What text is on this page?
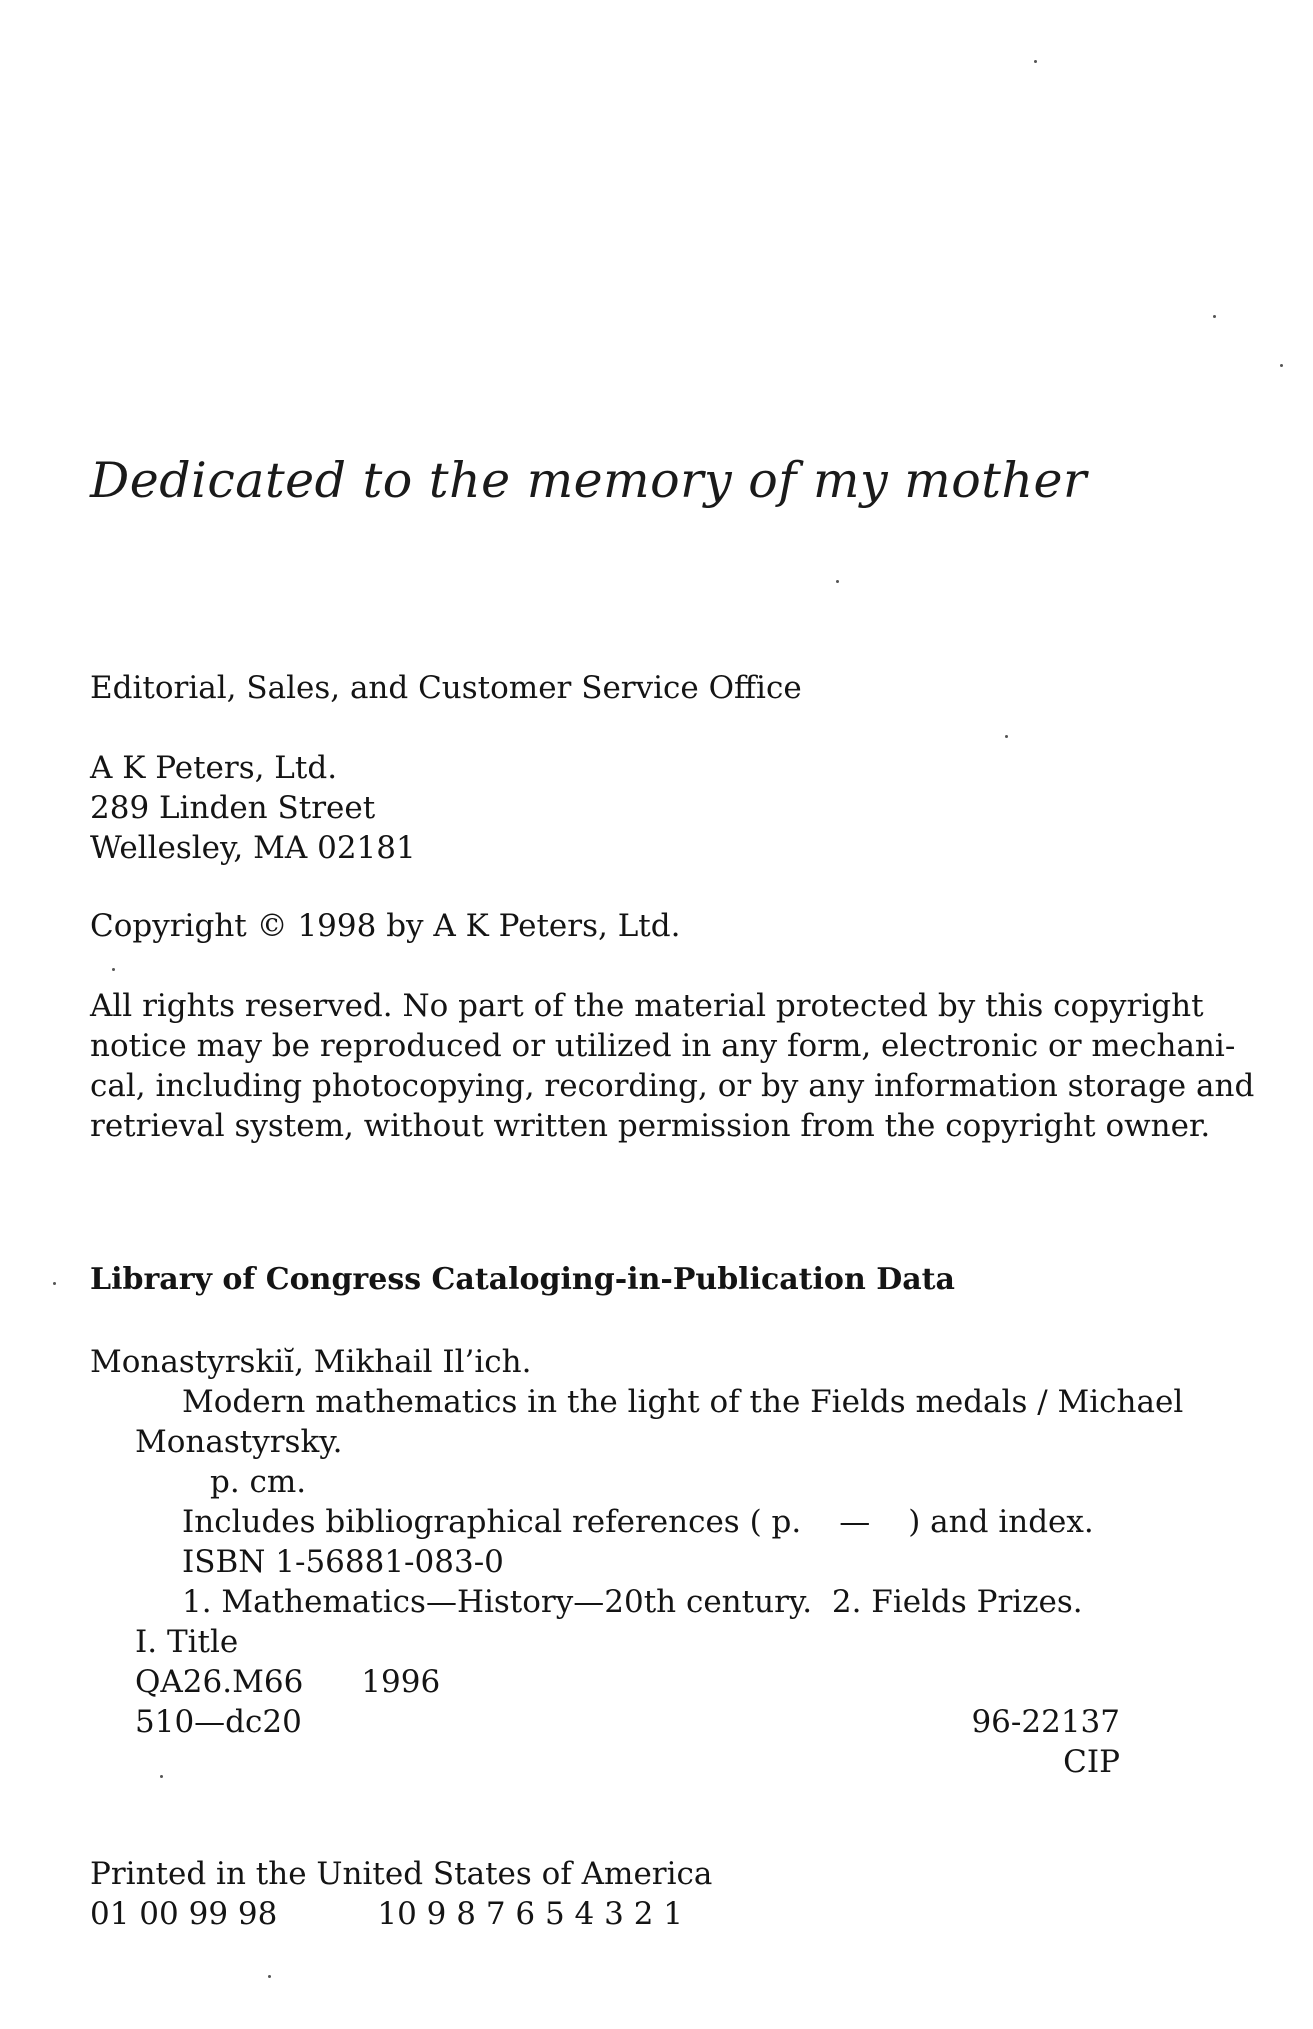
Dedicated to the memory of my mother
Editorial, Sales, and Customer Service Office
A K Peters, Ltd.
289 Linden Street
Wellesley, MA 02181
Copyright © 1998 by A K Peters, Ltd.
All rights reserved. No part of the material protected by this copyright
notice may be reproduced or utilized in any form, electronic or mechani-
cal, including photocopying, recording, or by any information storage and
retrieval system, without written permission from the copyright owner.
Library of Congress Cataloging-in-Publication Data
Monastyrskiĭ, Mikhail Il’ich.
Modern mathematics in the light of the Fields medals / Michael
Monastyrsky.
p. cm.
Includes bibliographical references ( p. — ) and index.
ISBN 1-56881-083-0
1. Mathematics—History—20th century. 2. Fields Prizes.
I. Title
QA26.M66 1996
510—dc20	96-22137
CIP
Printed in the United States of America
01 00 99 98	10 9 8 7 6 5 4 3 2 1
